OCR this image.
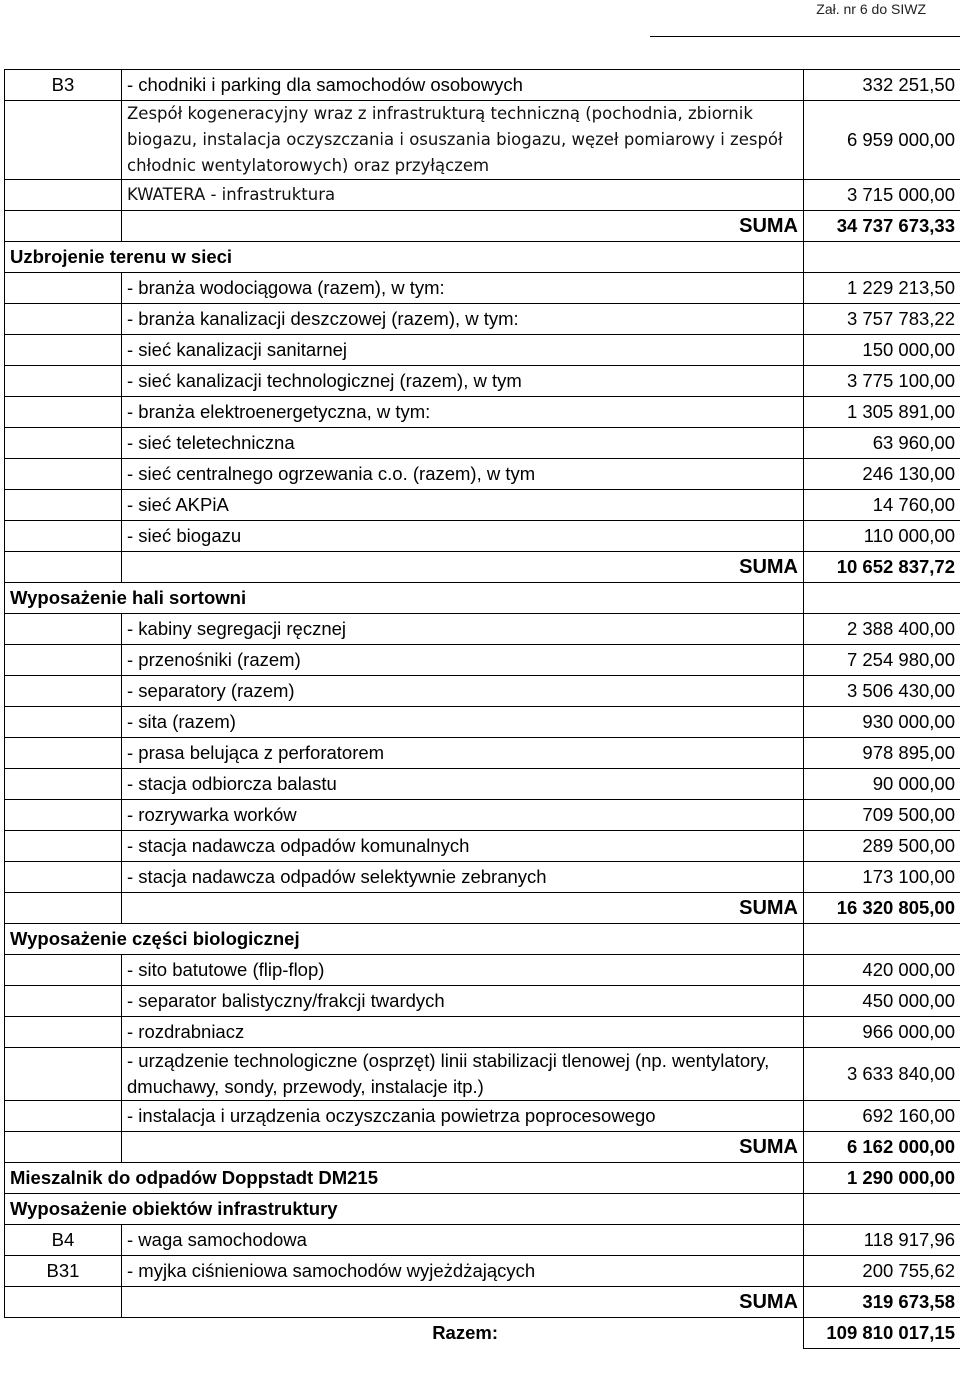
Zał. nr 6 do SIWZ
B3	- chodniki i parking dla samochodów osobowych	332 251,50
	Zespół kogeneracyjny wraz z infrastrukturą techniczną (pochodnia, zbiornik biogazu, instalacja oczyszczania i osuszania biogazu, węzeł pomiarowy i zespół chłodnic wentylatorowych) oraz przyłączem	6 959 000,00
	KWATERA - infrastruktura	3 715 000,00
	SUMA	34 737 673,33
Uzbrojenie terenu w sieci		
	- branża wodociągowa (razem), w tym:	1 229 213,50
	- branża kanalizacji deszczowej (razem), w tym:	3 757 783,22
	- sieć kanalizacji sanitarnej	150 000,00
	- sieć kanalizacji technologicznej (razem), w tym	3 775 100,00
	- branża elektroenergetyczna, w tym:	1 305 891,00
	- sieć teletechniczna	63 960,00
	- sieć centralnego ogrzewania c.o. (razem), w tym	246 130,00
	- sieć AKPiA	14 760,00
	- sieć biogazu	110 000,00
	SUMA	10 652 837,72
Wyposażenie hali sortowni		
	- kabiny segregacji ręcznej	2 388 400,00
	- przenośniki (razem)	7 254 980,00
	- separatory (razem)	3 506 430,00
	- sita (razem)	930 000,00
	- prasa belująca z perforatorem	978 895,00
	- stacja odbiorcza balastu	90 000,00
	- rozrywarka worków	709 500,00
	- stacja nadawcza odpadów komunalnych	289 500,00
	- stacja nadawcza odpadów selektywnie zebranych	173 100,00
	SUMA	16 320 805,00
Wyposażenie części biologicznej		
	- sito batutowe (flip-flop)	420 000,00
	- separator balistyczny/frakcji twardych	450 000,00
	- rozdrabniacz	966 000,00
	- urządzenie technologiczne (osprzęt) linii stabilizacji tlenowej (np. wentylatory, dmuchawy, sondy, przewody, instalacje itp.)	3 633 840,00
	- instalacja i urządzenia oczyszczania powietrza poprocesowego	692 160,00
	SUMA	6 162 000,00
Mieszalnik do odpadów Doppstadt DM215		1 290 000,00
Wyposażenie obiektów infrastruktury		
B4	- waga samochodowa	118 917,96
B31	- myjka ciśnieniowa samochodów wyjeżdżających	200 755,62
	SUMA	319 673,58
Razem:		109 810 017,15
